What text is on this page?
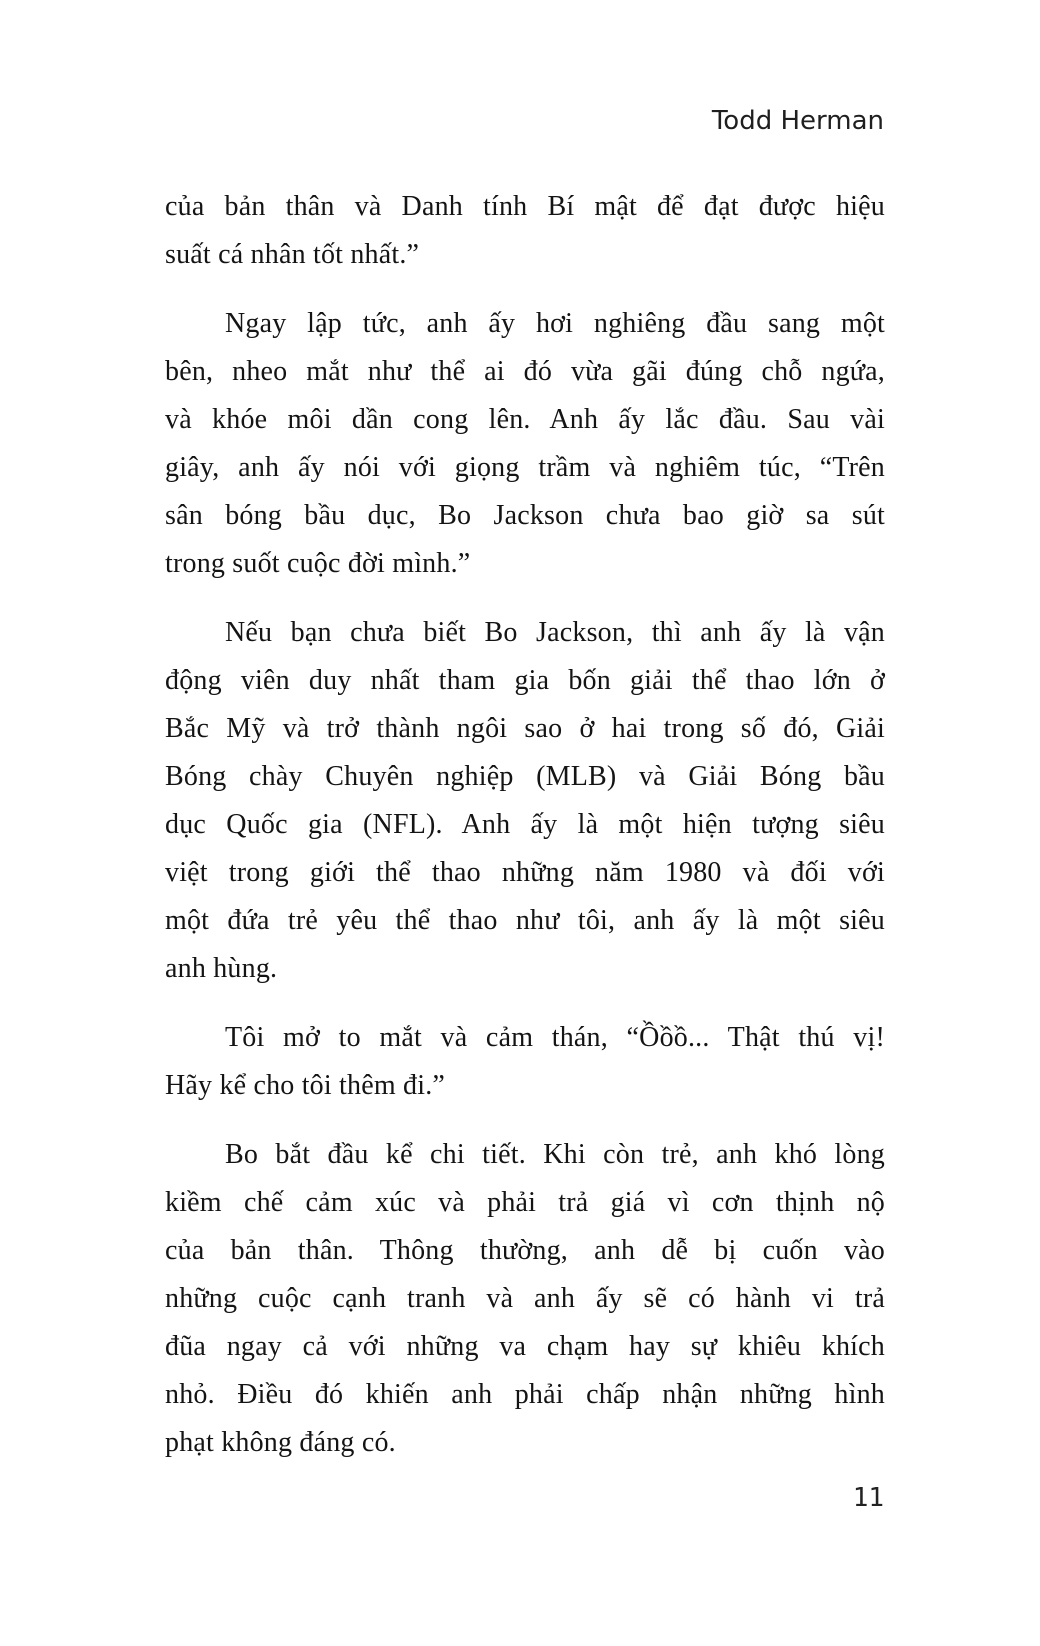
Todd Herman
của bản thân và Danh tính Bí mật để đạt được hiệu
suất cá nhân tốt nhất.”
Ngay lập tức, anh ấy hơi nghiêng đầu sang một
bên, nheo mắt như thể ai đó vừa gãi đúng chỗ ngứa,
và khóe môi dần cong lên. Anh ấy lắc đầu. Sau vài
giây, anh ấy nói với giọng trầm và nghiêm túc, “Trên
sân bóng bầu dục, Bo Jackson chưa bao giờ sa sút
trong suốt cuộc đời mình.”
Nếu bạn chưa biết Bo Jackson, thì anh ấy là vận
động viên duy nhất tham gia bốn giải thể thao lớn ở
Bắc Mỹ và trở thành ngôi sao ở hai trong số đó, Giải
Bóng chày Chuyên nghiệp (MLB) và Giải Bóng bầu
dục Quốc gia (NFL). Anh ấy là một hiện tượng siêu
việt trong giới thể thao những năm 1980 và đối với
một đứa trẻ yêu thể thao như tôi, anh ấy là một siêu
anh hùng.
Tôi mở to mắt và cảm thán, “Ồồồ... Thật thú vị!
Hãy kể cho tôi thêm đi.”
Bo bắt đầu kể chi tiết. Khi còn trẻ, anh khó lòng
kiềm chế cảm xúc và phải trả giá vì cơn thịnh nộ
của bản thân. Thông thường, anh dễ bị cuốn vào
những cuộc cạnh tranh và anh ấy sẽ có hành vi trả
đũa ngay cả với những va chạm hay sự khiêu khích
nhỏ. Điều đó khiến anh phải chấp nhận những hình
phạt không đáng có.
11
